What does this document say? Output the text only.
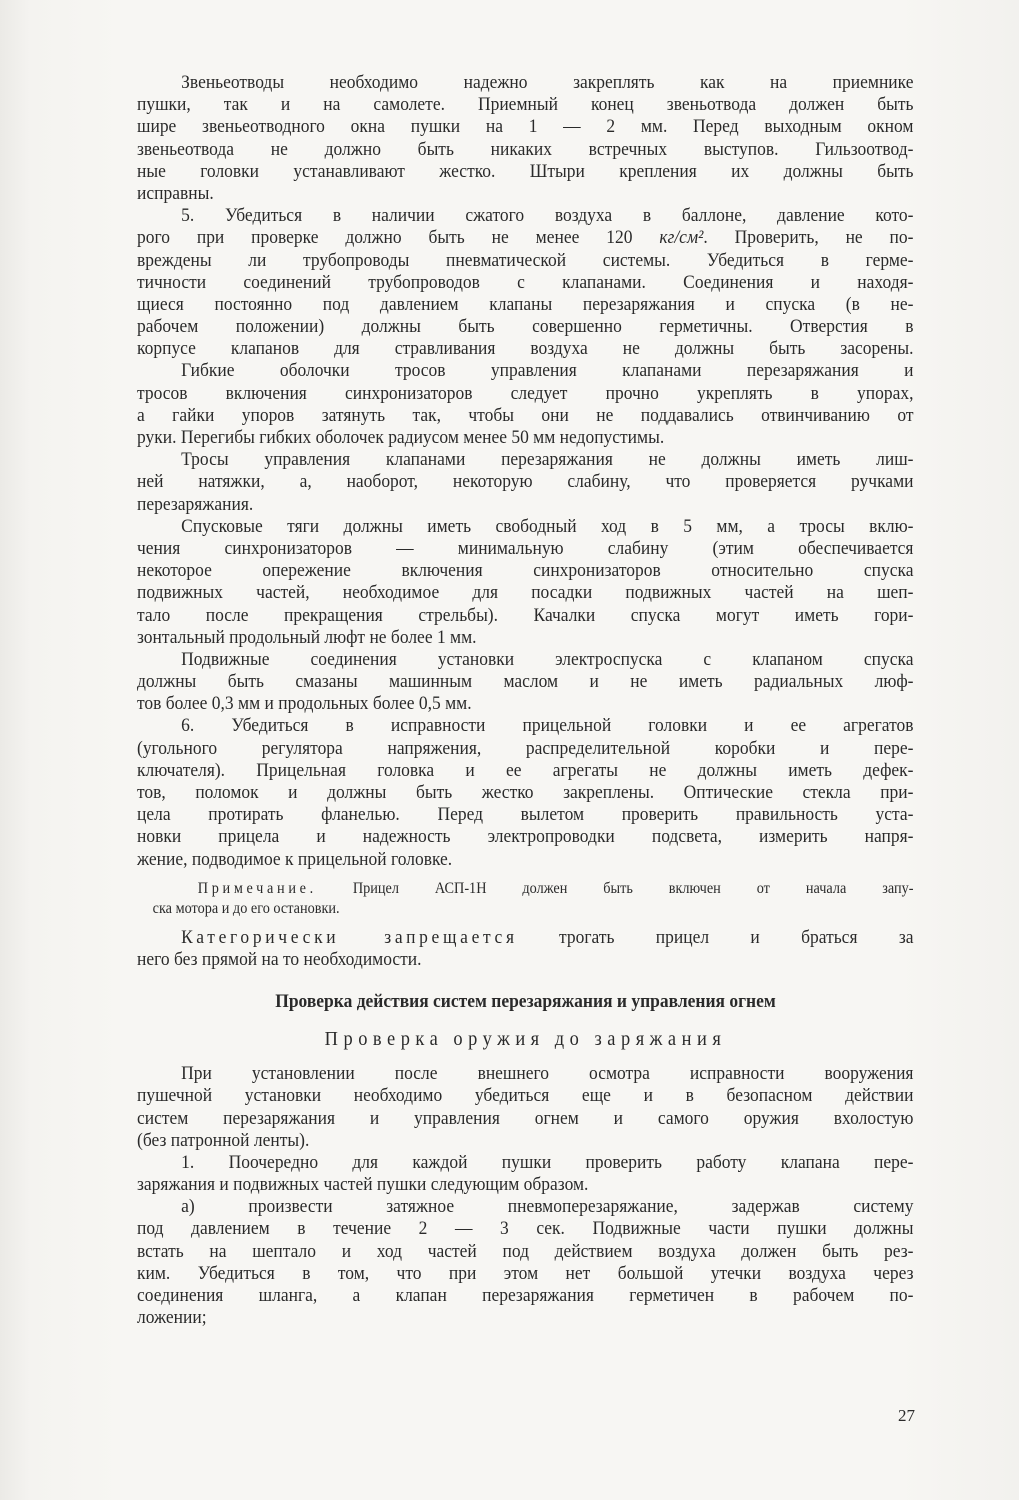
Звеньеотводы необходимо надежно закреплять как на приемнике
пушки, так и на самолете. Приемный конец звеньотвода должен быть
шире звеньеотводного окна пушки на 1 — 2 мм. Перед выходным окном
звеньеотвода не должно быть никаких встречных выступов. Гильзоотвод-
ные головки устанавливают жестко. Штыри крепления их должны быть
исправны.
5. Убедиться в наличии сжатого воздуха в баллоне, давление кото-
рого при проверке должно быть не менее 120 кг/см². Проверить, не по-
вреждены ли трубопроводы пневматической системы. Убедиться в герме-
тичности соединений трубопроводов с клапанами. Соединения и находя-
щиеся постоянно под давлением клапаны перезаряжания и спуска (в не-
рабочем положении) должны быть совершенно герметичны. Отверстия в
корпусе клапанов для стравливания воздуха не должны быть засорены.
Гибкие оболочки тросов управления клапанами перезаряжания и
тросов включения синхронизаторов следует прочно укреплять в упорах,
а гайки упоров затянуть так, чтобы они не поддавались отвинчиванию от
руки. Перегибы гибких оболочек радиусом менее 50 мм недопустимы.
Тросы управления клапанами перезаряжания не должны иметь лиш-
ней натяжки, а, наоборот, некоторую слабину, что проверяется ручками
перезаряжания.
Спусковые тяги должны иметь свободный ход в 5 мм, а тросы вклю-
чения синхронизаторов — минимальную слабину (этим обеспечивается
некоторое опережение включения синхронизаторов относительно спуска
подвижных частей, необходимое для посадки подвижных частей на шеп-
тало после прекращения стрельбы). Качалки спуска могут иметь гори-
зонтальный продольный люфт не более 1 мм.
Подвижные соединения установки электроспуска с клапаном спуска
должны быть смазаны машинным маслом и не иметь радиальных люф-
тов более 0,3 мм и продольных более 0,5 мм.
6. Убедиться в исправности прицельной головки и ее агрегатов
(угольного регулятора напряжения, распределительной коробки и пере-
ключателя). Прицельная головка и ее агрегаты не должны иметь дефек-
тов, поломок и должны быть жестко закреплены. Оптические стекла при-
цела протирать фланелью. Перед вылетом проверить правильность уста-
новки прицела и надежность электропроводки подсвета, измерить напря-
жение, подводимое к прицельной головке.
Примечание. Прицел АСП-1Н должен быть включен от начала запу-
ска мотора и до его остановки.
Категорически запрещается трогать прицел и браться за
него без прямой на то необходимости.
Проверка действия систем перезаряжания и управления огнем
Проверка оружия до заряжания
При установлении после внешнего осмотра исправности вооружения
пушечной установки необходимо убедиться еще и в безопасном действии
систем перезаряжания и управления огнем и самого оружия вхолостую
(без патронной ленты).
1. Поочередно для каждой пушки проверить работу клапана пере-
заряжания и подвижных частей пушки следующим образом.
а) произвести затяжное пневмоперезаряжание, задержав систему
под давлением в течение 2 — 3 сек. Подвижные части пушки должны
встать на шептало и ход частей под действием воздуха должен быть рез-
ким. Убедиться в том, что при этом нет большой утечки воздуха через
соединения шланга, а клапан перезаряжания герметичен в рабочем по-
ложении;
27
